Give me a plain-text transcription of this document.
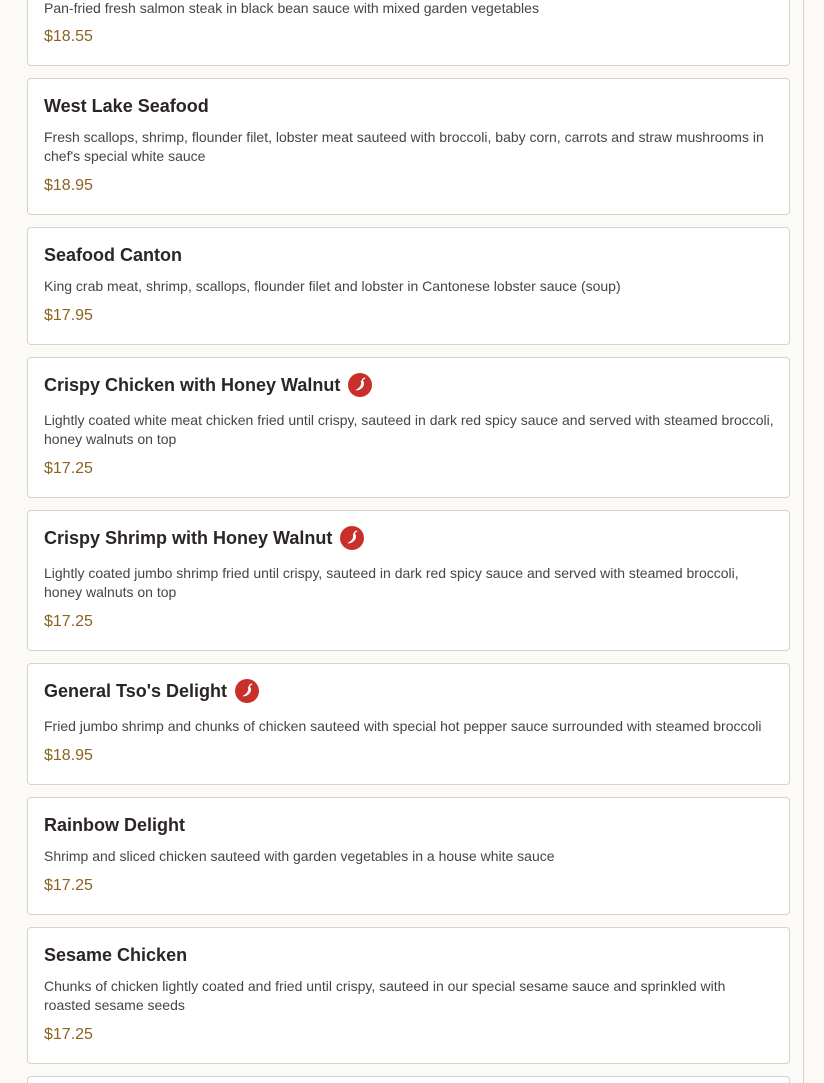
Pan-fried fresh salmon steak in black bean sauce with mixed garden vegetables
$18.55
West Lake Seafood
Fresh scallops, shrimp, flounder filet, lobster meat sauteed with broccoli, baby corn, carrots and straw mushrooms in chef's special white sauce
$18.95
Seafood Canton
King crab meat, shrimp, scallops, flounder filet and lobster in Cantonese lobster sauce (soup)
$17.95
Crispy Chicken with Honey Walnut
Lightly coated white meat chicken fried until crispy, sauteed in dark red spicy sauce and served with steamed broccoli, honey walnuts on top
$17.25
Crispy Shrimp with Honey Walnut
Lightly coated jumbo shrimp fried until crispy, sauteed in dark red spicy sauce and served with steamed broccoli, honey walnuts on top
$17.25
General Tso's Delight
Fried jumbo shrimp and chunks of chicken sauteed with special hot pepper sauce surrounded with steamed broccoli
$18.95
Rainbow Delight
Shrimp and sliced chicken sauteed with garden vegetables in a house white sauce
$17.25
Sesame Chicken
Chunks of chicken lightly coated and fried until crispy, sauteed in our special sesame sauce and sprinkled with roasted sesame seeds
$17.25
